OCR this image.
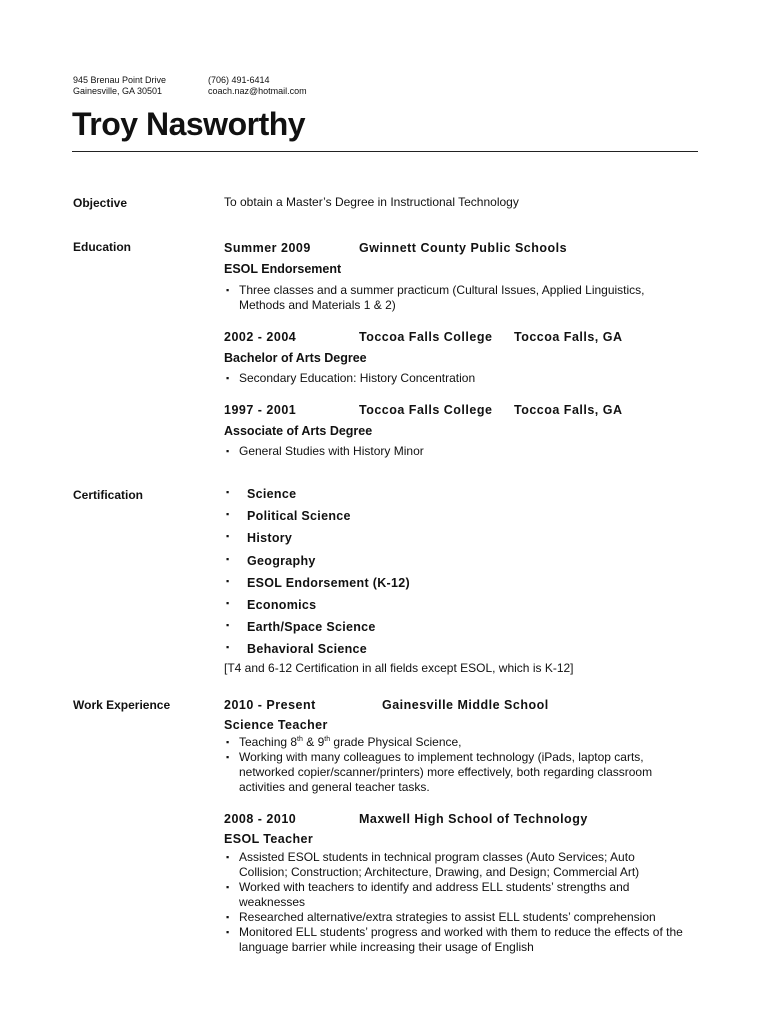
945 Brenau Point Drive
Gainesville, GA 30501
(706) 491-6414
coach.naz@hotmail.com
Troy Nasworthy
Objective	To obtain a Master’s Degree in Instructional Technology
Education	Summer 2009	Gwinnett County Public Schools
ESOL Endorsement
▪ Three classes and a summer practicum (Cultural Issues, Applied Linguistics, Methods and Materials 1 & 2)
2002 - 2004	Toccoa Falls College Toccoa Falls, GA
Bachelor of Arts Degree
▪ Secondary Education: History Concentration
1997 - 2001	Toccoa Falls College Toccoa Falls, GA
Associate of Arts Degree
▪ General Studies with History Minor
Certification	▪ Science
▪ Political Science
▪ History
▪ Geography
▪ ESOL Endorsement (K-12)
▪ Economics
▪ Earth/Space Science
▪ Behavioral Science
[T4 and 6-12 Certification in all fields except ESOL, which is K-12]
Work Experience	2010 - Present	Gainesville Middle School
Science Teacher
▪ Teaching 8th & 9th grade Physical Science,
▪ Working with many colleagues to implement technology (iPads, laptop carts, networked copier/scanner/printers) more effectively, both regarding classroom activities and general teacher tasks.
2008 - 2010	Maxwell High School of Technology
ESOL Teacher
▪ Assisted ESOL students in technical program classes (Auto Services; Auto Collision; Construction; Architecture, Drawing, and Design; Commercial Art)
▪ Worked with teachers to identify and address ELL students’ strengths and weaknesses
▪ Researched alternative/extra strategies to assist ELL students’ comprehension
▪ Monitored ELL students’ progress and worked with them to reduce the effects of the language barrier while increasing their usage of English
